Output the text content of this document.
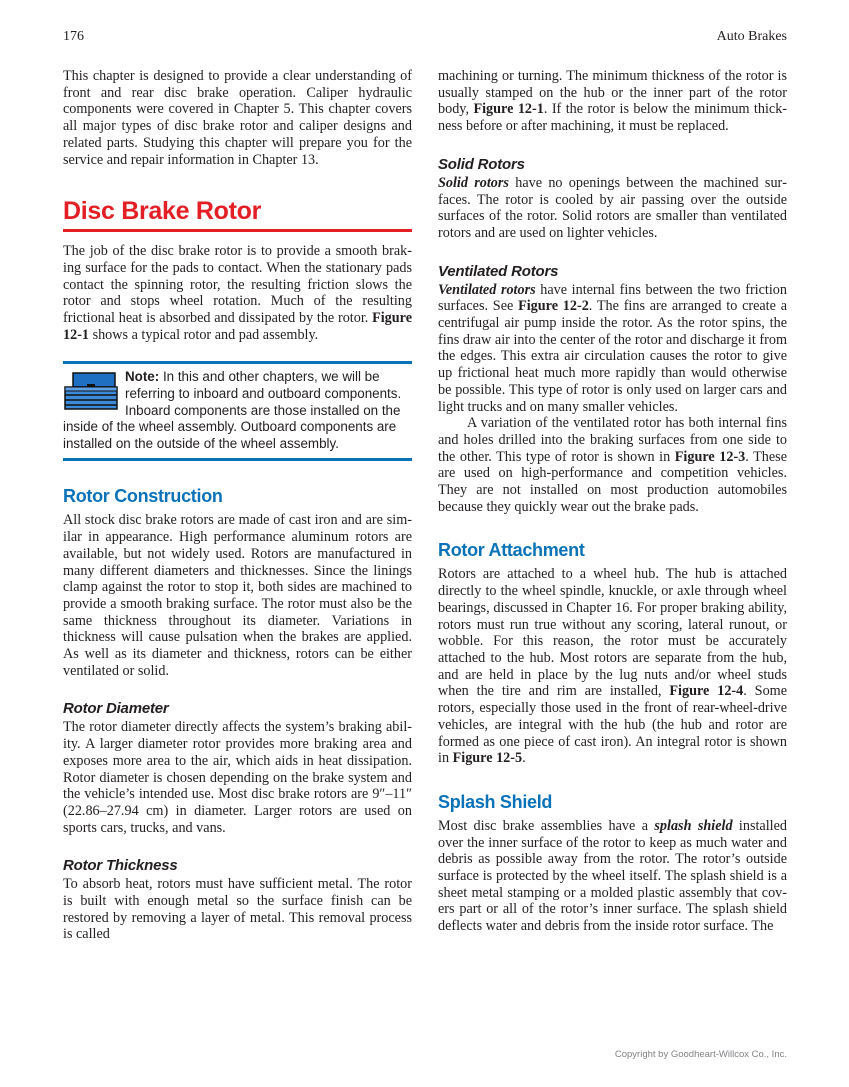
176	Auto Brakes

This chapter is designed to provide a clear understanding of front and rear disc brake operation. Caliper hydraulic components were covered in Chapter 5. This chapter covers all major types of disc brake rotor and caliper designs and related parts. Studying this chapter will prepare you for the service and repair information in Chapter 13.

Disc Brake Rotor

The job of the disc brake rotor is to provide a smooth braking surface for the pads to contact. When the stationary pads contact the spinning rotor, the resulting friction slows the rotor and stops wheel rotation. Much of the resulting frictional heat is absorbed and dissipated by the rotor. Figure 12-1 shows a typical rotor and pad assembly.

Note: In this and other chapters, we will be referring to inboard and outboard components. Inboard components are those installed on the inside of the wheel assembly. Outboard components are installed on the outside of the wheel assembly.
Rotor Construction

All stock disc brake rotors are made of cast iron and are similar in appearance. High performance aluminum rotors are available, but not widely used. Rotors are manufactured in many different diameters and thicknesses. Since the linings clamp against the rotor to stop it, both sides are machined to provide a smooth braking surface. The rotor must also be the same thickness throughout its diameter. Variations in thickness will cause pulsation when the brakes are applied. As well as its diameter and thickness, rotors can be either ventilated or solid.

Rotor Diameter

The rotor diameter directly affects the system’s braking ability. A larger diameter rotor provides more braking area and exposes more area to the air, which aids in heat dissipation. Rotor diameter is chosen depending on the brake system and the vehicle’s intended use. Most disc brake rotors are 9″–11″ (22.86–27.94 cm) in diameter. Larger rotors are used on sports cars, trucks, and vans.

Rotor Thickness

To absorb heat, rotors must have sufficient metal. The rotor is built with enough metal so the surface finish can be restored by removing a layer of metal. This removal process is called

machining or turning. The minimum thickness of the rotor is usually stamped on the hub or the inner part of the rotor body, Figure 12-1. If the rotor is below the minimum thickness before or after machining, it must be replaced.

Solid Rotors

Solid rotors have no openings between the machined surfaces. The rotor is cooled by air passing over the outside surfaces of the rotor. Solid rotors are smaller than ventilated rotors and are used on lighter vehicles.

Ventilated Rotors

Ventilated rotors have internal fins between the two friction surfaces. See Figure 12-2. The fins are arranged to create a centrifugal air pump inside the rotor. As the rotor spins, the fins draw air into the center of the rotor and discharge it from the edges. This extra air circulation causes the rotor to give up frictional heat much more rapidly than would otherwise be possible. This type of rotor is only used on larger cars and light trucks and on many smaller vehicles.

A variation of the ventilated rotor has both internal fins and holes drilled into the braking surfaces from one side to the other. This type of rotor is shown in Figure 12-3. These are used on high-performance and competition vehicles. They are not installed on most production automobiles because they quickly wear out the brake pads.

Rotor Attachment

Rotors are attached to a wheel hub. The hub is attached directly to the wheel spindle, knuckle, or axle through wheel bearings, discussed in Chapter 16. For proper braking ability, rotors must run true without any scoring, lateral runout, or wobble. For this reason, the rotor must be accurately attached to the hub. Most rotors are separate from the hub, and are held in place by the lug nuts and/or wheel studs when the tire and rim are installed, Figure 12-4. Some rotors, especially those used in the front of rear-wheel-drive vehicles, are integral with the hub (the hub and rotor are formed as one piece of cast iron). An integral rotor is shown in Figure 12-5.

Splash Shield

Most disc brake assemblies have a splash shield installed over the inner surface of the rotor to keep as much water and debris as possible away from the rotor. The rotor’s outside surface is protected by the wheel itself. The splash shield is a sheet metal stamping or a molded plastic assembly that covers part or all of the rotor’s inner surface. The splash shield deflects water and debris from the inside rotor surface. The

Copyright by Goodheart-Willcox Co., Inc.
